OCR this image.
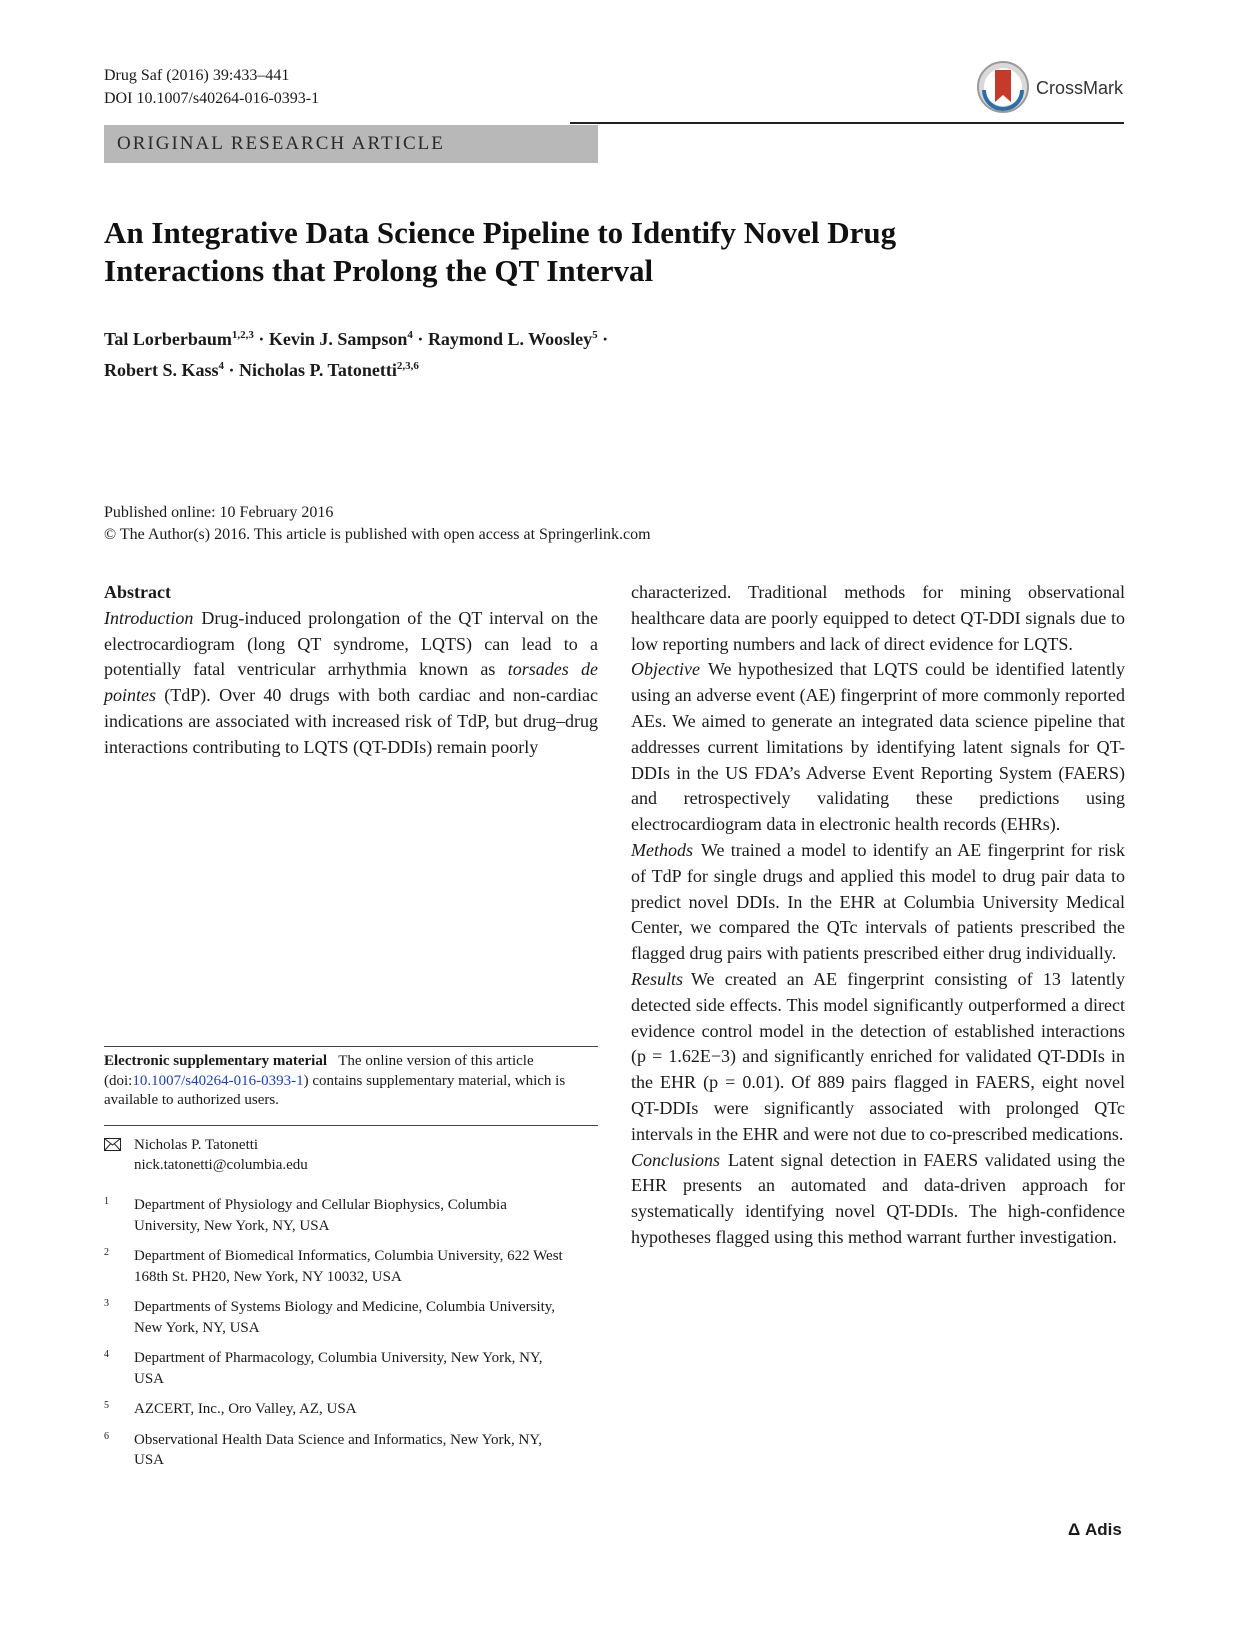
Drug Saf (2016) 39:433–441
DOI 10.1007/s40264-016-0393-1
CrossMark
ORIGINAL RESEARCH ARTICLE
An Integrative Data Science Pipeline to Identify Novel Drug
Interactions that Prolong the QT Interval
Tal Lorberbaum$^{1,2,3}$ · Kevin J. Sampson$^4$ · Raymond L. Woosley$^5$ ·
Robert S. Kass$^4$ · Nicholas P. Tatonetti$^{2,3,6}$
Published online: 10 February 2016
© The Author(s) 2016. This article is published with open access at Springerlink.com
Abstract
Introduction Drug-induced prolongation of the QT interval on the electrocardiogram (long QT syndrome, LQTS) can lead to a potentially fatal ventricular arrhythmia known as torsades de pointes (TdP). Over 40 drugs with both cardiac and non-cardiac indications are associated with increased risk of TdP, but drug–drug interactions contributing to LQTS (QT-DDIs) remain poorly
characterized. Traditional methods for mining observational healthcare data are poorly equipped to detect QT-DDI signals due to low reporting numbers and lack of direct evidence for LQTS.
Objective We hypothesized that LQTS could be identified latently using an adverse event (AE) fingerprint of more commonly reported AEs. We aimed to generate an integrated data science pipeline that addresses current limitations by identifying latent signals for QT-DDIs in the US FDA’s Adverse Event Reporting System (FAERS) and retrospectively validating these predictions using electrocardiogram data in electronic health records (EHRs).
Methods We trained a model to identify an AE fingerprint for risk of TdP for single drugs and applied this model to drug pair data to predict novel DDIs. In the EHR at Columbia University Medical Center, we compared the QTc intervals of patients prescribed the flagged drug pairs with patients prescribed either drug individually.
Results We created an AE fingerprint consisting of 13 latently detected side effects. This model significantly outperformed a direct evidence control model in the detection of established interactions (p = 1.62E−3) and significantly enriched for validated QT-DDIs in the EHR (p = 0.01). Of 889 pairs flagged in FAERS, eight novel QT-DDIs were significantly associated with prolonged QTc intervals in the EHR and were not due to co-prescribed medications.
Conclusions Latent signal detection in FAERS validated using the EHR presents an automated and data-driven approach for systematically identifying novel QT-DDIs. The high-confidence hypotheses flagged using this method warrant further investigation.
Electronic supplementary material The online version of this article (doi:10.1007/s40264-016-0393-1) contains supplementary material, which is available to authorized users.
Nicholas P. Tatonetti
nick.tatonetti@columbia.edu
1 Department of Physiology and Cellular Biophysics, Columbia University, New York, NY, USA
2 Department of Biomedical Informatics, Columbia University, 622 West 168th St. PH20, New York, NY 10032, USA
3 Departments of Systems Biology and Medicine, Columbia University, New York, NY, USA
4 Department of Pharmacology, Columbia University, New York, NY, USA
5 AZCERT, Inc., Oro Valley, AZ, USA
6 Observational Health Data Science and Informatics, New York, NY, USA
Δ Adis
